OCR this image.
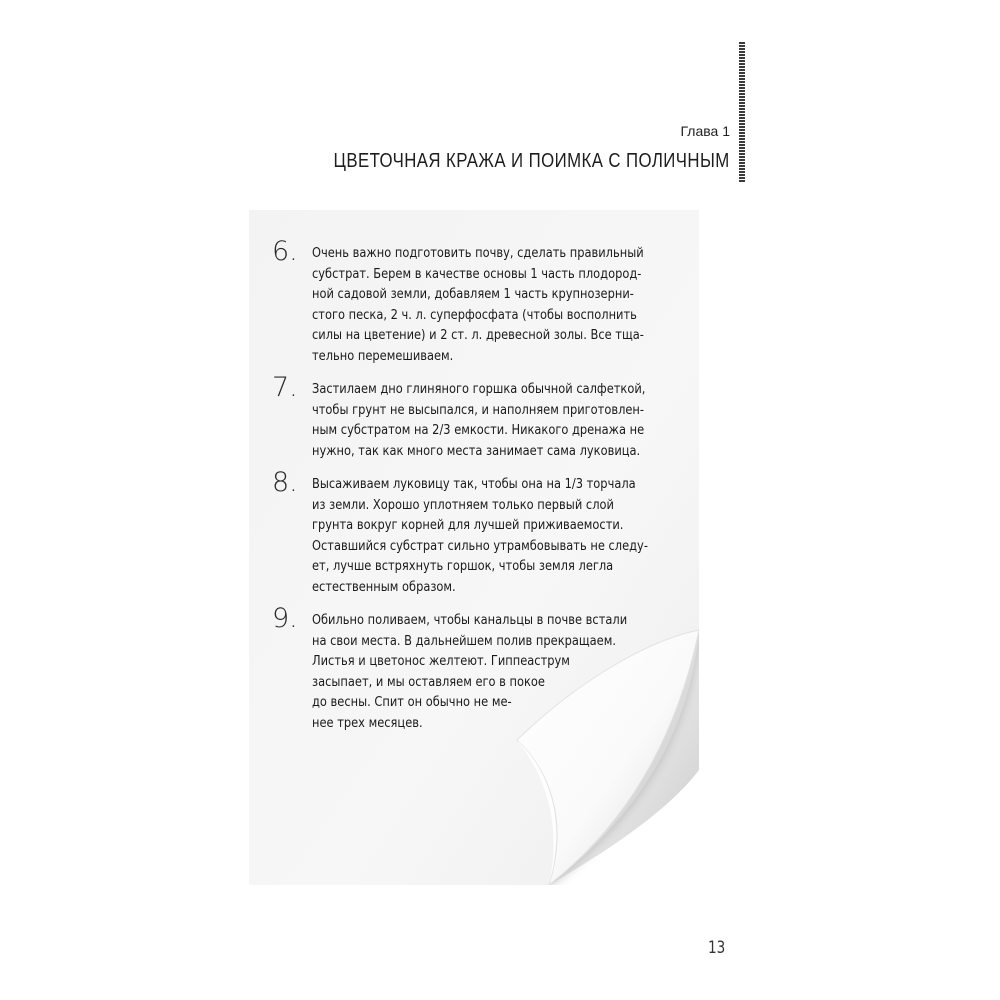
Глава 1
ЦВЕТОЧНАЯ КРАЖА И ПОИМКА С ПОЛИЧНЫМ
6. Очень важно подготовить почву, сделать правильный
субстрат. Берем в качестве основы 1 часть плодород-
ной садовой земли, добавляем 1 часть крупнозерни-
стого песка, 2 ч. л. суперфосфата (чтобы восполнить
силы на цветение) и 2 ст. л. древесной золы. Все тща-
тельно перемешиваем.
7. Застилаем дно глиняного горшка обычной салфеткой,
чтобы грунт не высыпался, и наполняем приготовлен-
ным субстратом на 2/3 емкости. Никакого дренажа не
нужно, так как много места занимает сама луковица.
8. Высаживаем луковицу так, чтобы она на 1/3 торчала
из земли. Хорошо уплотняем только первый слой
грунта вокруг корней для лучшей приживаемости.
Оставшийся субстрат сильно утрамбовывать не следу-
ет, лучше встряхнуть горшок, чтобы земля легла
естественным образом.
9. Обильно поливаем, чтобы канальцы в почве встали
на свои места. В дальнейшем полив прекращаем.
Листья и цветонос желтеют. Гиппеаструм
засыпает, и мы оставляем его в покое
до весны. Спит он обычно не ме-
нее трех месяцев.
13
